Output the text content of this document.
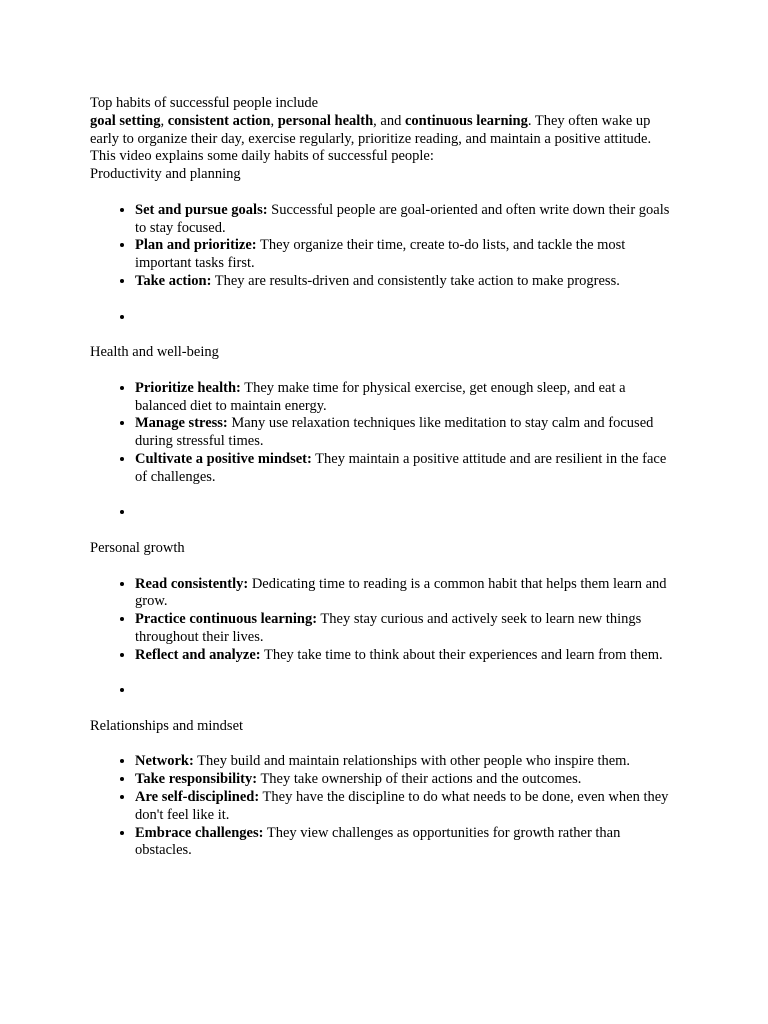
Top habits of successful people include

goal setting, consistent action, personal health, and continuous learning. They often wake up early to organize their day, exercise regularly, prioritize reading, and maintain a positive attitude.

This video explains some daily habits of successful people:

Productivity and planning

• Set and pursue goals: Successful people are goal-oriented and often write down their goals to stay focused.
• Plan and prioritize: They organize their time, create to-do lists, and tackle the most important tasks first.
• Take action: They are results-driven and consistently take action to make progress.
•

Health and well-being

• Prioritize health: They make time for physical exercise, get enough sleep, and eat a balanced diet to maintain energy.
• Manage stress: Many use relaxation techniques like meditation to stay calm and focused during stressful times.
• Cultivate a positive mindset: They maintain a positive attitude and are resilient in the face of challenges.
•

Personal growth

• Read consistently: Dedicating time to reading is a common habit that helps them learn and grow.
• Practice continuous learning: They stay curious and actively seek to learn new things throughout their lives.
• Reflect and analyze: They take time to think about their experiences and learn from them.
•

Relationships and mindset

• Network: They build and maintain relationships with other people who inspire them.
• Take responsibility: They take ownership of their actions and the outcomes.
• Are self-disciplined: They have the discipline to do what needs to be done, even when they don't feel like it.
• Embrace challenges: They view challenges as opportunities for growth rather than obstacles.
